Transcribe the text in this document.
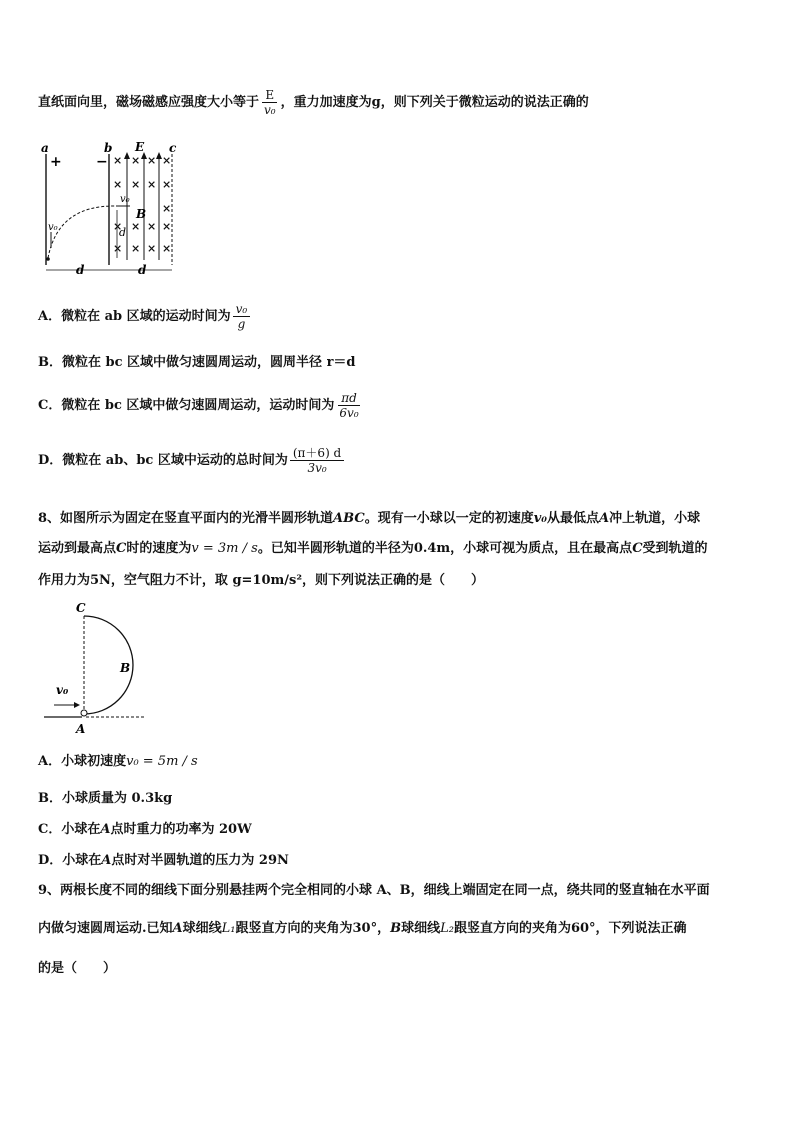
直纸面向里，磁场磁感应强度大小等于 $\frac{E}{\text{v₀}}$ ，重力加速度为g，则下列关于微粒运动的说法正确的
a
+
b
−
E c
× × × ×
× × × ×
×
× × × ×
× × × ×
B
v₀
v₀
d
d	d
A．微粒在 ab 区域的运动时间为 $\frac{\text{v₀}}{g}$
B．微粒在 bc 区域中做匀速圆周运动，圆周半径 r＝d
C．微粒在 bc 区域中做匀速圆周运动，运动时间为 $\frac{\pi d}{\text{6v₀}}$
D．微粒在 ab、bc 区域中运动的总时间为 $\frac{(\pi+6) d}{\text{3v₀}}$
8、如图所示为固定在竖直平面内的光滑半圆形轨道ABC。现有一小球以一定的初速度v₀从最低点A冲上轨道，小球
运动到最高点C时的速度为v = 3m / s。已知半圆形轨道的半径为0.4m，小球可视为质点，且在最高点C受到轨道的
作用力为5N，空气阻力不计，取 g=10m/s²，则下列说法正确的是（　　）
C
B
v₀
A
A．小球初速度v₀ = 5m / s
B．小球质量为 0.3kg
C．小球在A点时重力的功率为 20W
D．小球在A点时对半圆轨道的压力为 29N
9、两根长度不同的细线下面分别悬挂两个完全相同的小球 A、B，细线上端固定在同一点，绕共同的竖直轴在水平面
内做匀速圆周运动.已知A球细线L₁跟竖直方向的夹角为30°，B球细线L₂跟竖直方向的夹角为60°，下列说法正确
的是（　　）
